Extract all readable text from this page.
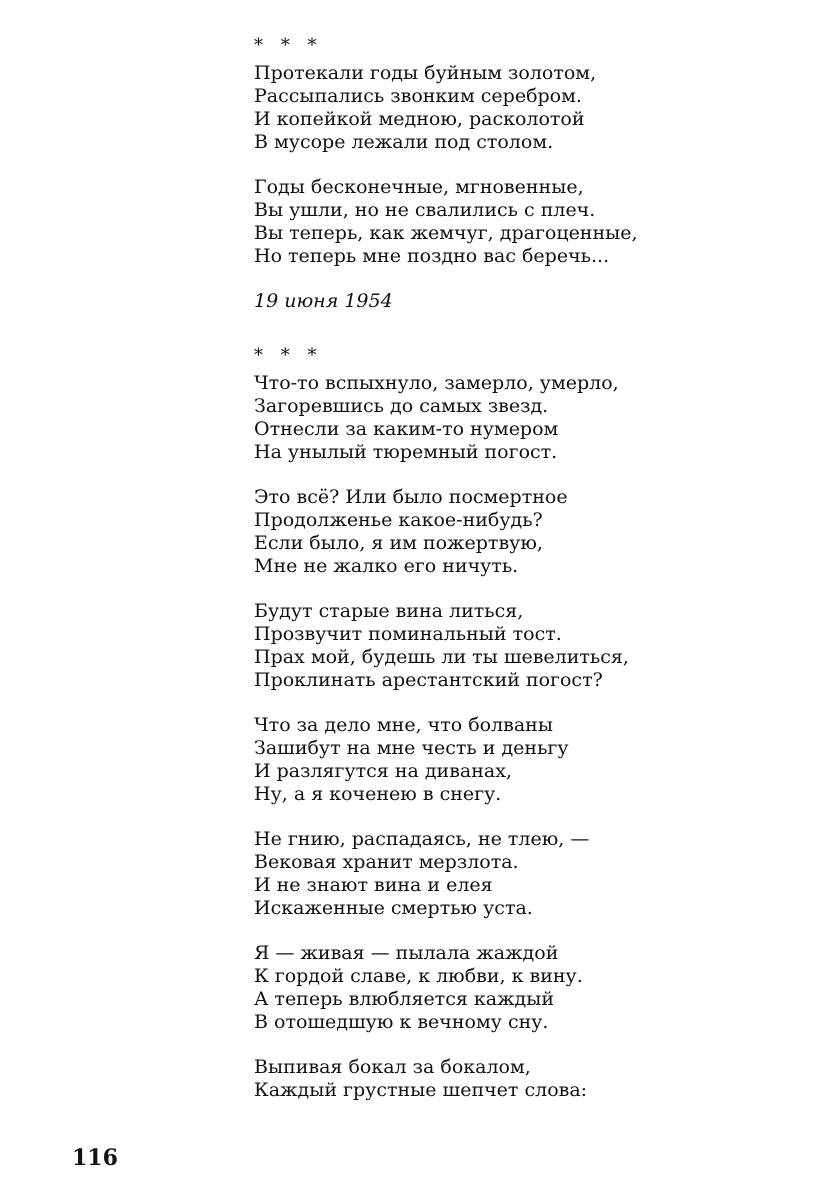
* * *
Протекали годы буйным золотом,
Рассыпались звонким серебром.
И копейкой медною, расколотой
В мусоре лежали под столом.
Годы бесконечные, мгновенные,
Вы ушли, но не свалились с плеч.
Вы теперь, как жемчуг, драгоценные,
Но теперь мне поздно вас беречь...
19 июня 1954
* * *
Что-то вспыхнуло, замерло, умерло,
Загоревшись до самых звезд.
Отнесли за каким-то нумером
На унылый тюремный погост.
Это всё? Или было посмертное
Продолженье какое-нибудь?
Если было, я им пожертвую,
Мне не жалко его ничуть.
Будут старые вина литься,
Прозвучит поминальный тост.
Прах мой, будешь ли ты шевелиться,
Проклинать арестантский погост?
Что за дело мне, что болваны
Зашибут на мне честь и деньгу
И разлягутся на диванах,
Ну, а я коченею в снегу.
Не гнию, распадаясь, не тлею, —
Вековая хранит мерзлота.
И не знают вина и елея
Искаженные смертью уста.
Я — живая — пылала жаждой
К гордой славе, к любви, к вину.
А теперь влюбляется каждый
В отошедшую к вечному сну.
Выпивая бокал за бокалом,
Каждый грустные шепчет слова:
116
